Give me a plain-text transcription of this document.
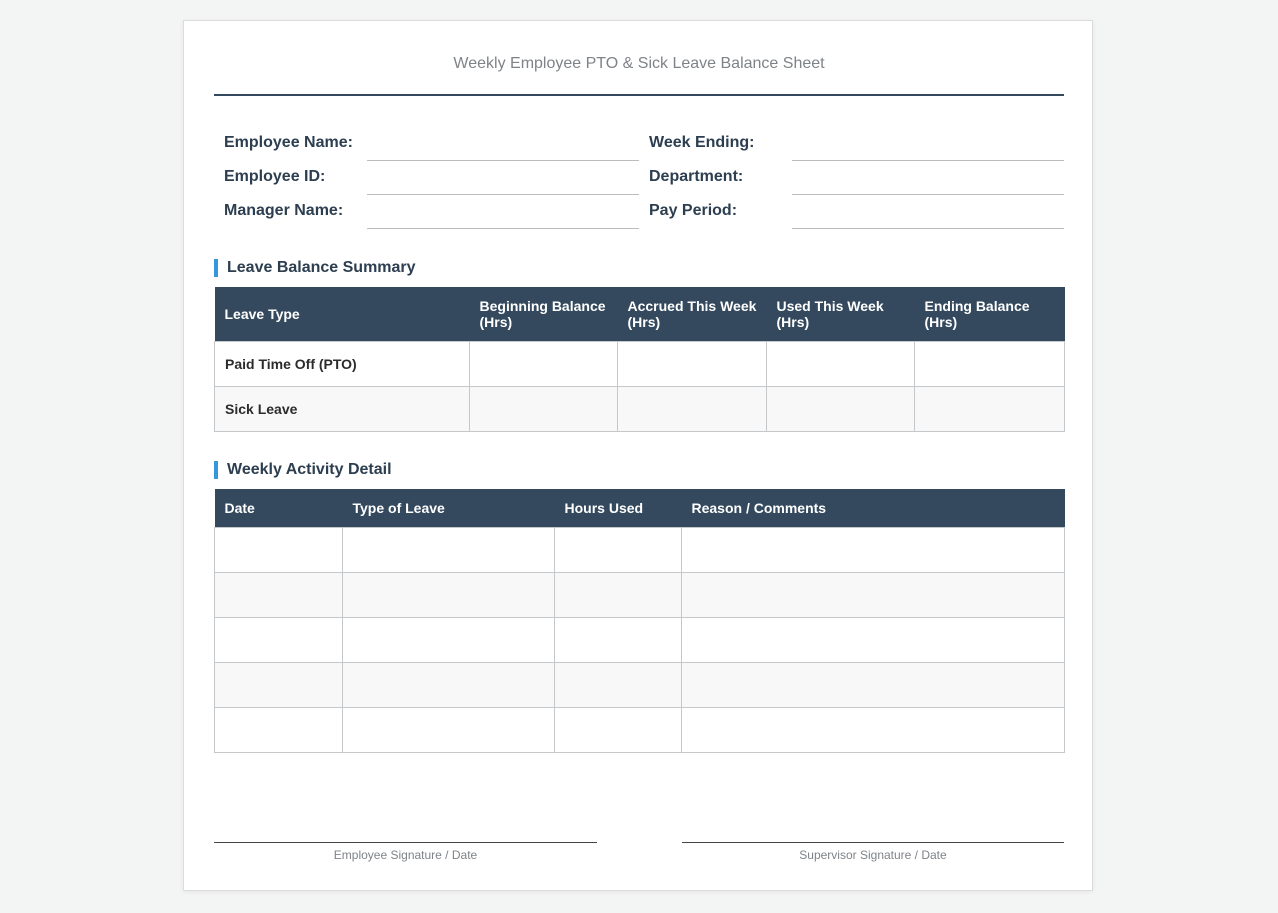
Weekly Employee PTO & Sick Leave Balance Sheet
Employee Name:	Week Ending:
Employee ID:	Department:
Manager Name:	Pay Period:
Leave Balance Summary
Leave Type	Beginning Balance (Hrs)	Accrued This Week (Hrs)	Used This Week (Hrs)	Ending Balance (Hrs)
Paid Time Off (PTO)				
Sick Leave				
Weekly Activity Detail
Date	Type of Leave	Hours Used	Reason / Comments

Employee Signature / Date	Supervisor Signature / Date
